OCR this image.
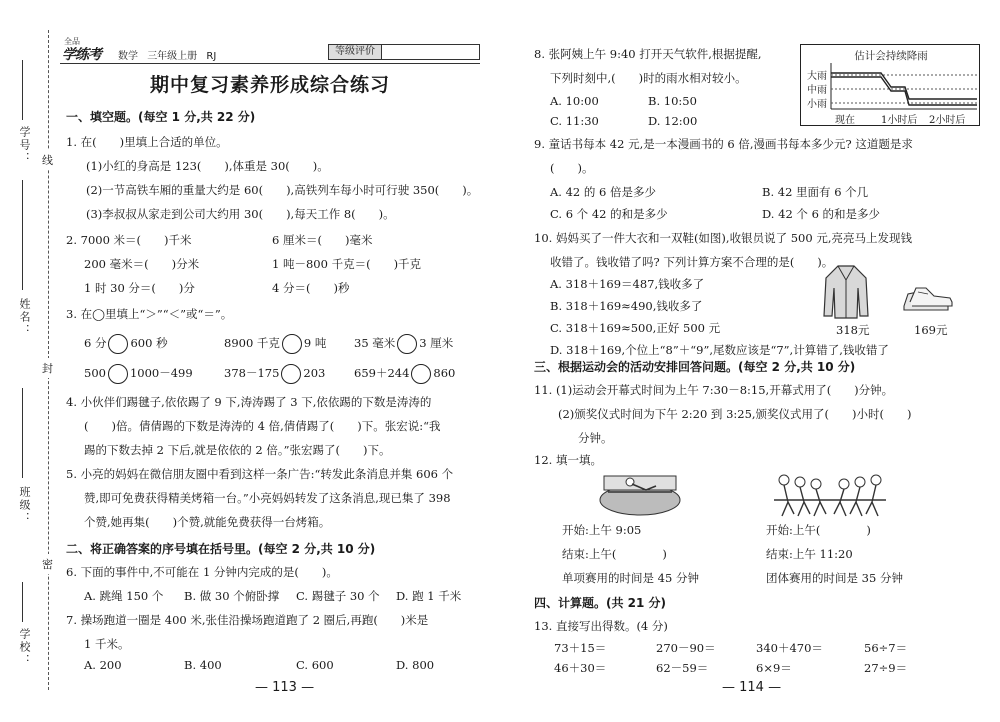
学号： 线
姓名：
封
班级：
密
学校：
全品
学练考 数学 三年级上册 RJ	等级评价
期中复习素养形成综合练习
一、填空题。(每空 1 分,共 22 分)
1. 在(　　)里填上合适的单位。
(1)小红的身高是 123(　　),体重是 30(　　)。
(2)一节高铁车厢的重量大约是 60(　　),高铁列车每小时可行驶 350(　　)。
(3)李叔叔从家走到公司大约用 30(　　),每天工作 8(　　)。
2. 7000 米＝(　　)千米	6 厘米＝(　　)毫米
200 毫米＝(　　)分米	1 吨－800 千克＝(　　)千克
1 时 30 分＝(　　)分	4 分＝(　　)秒
3. 在◯里填上“＞”“＜”或“＝”。
6 分 600 秒	8900 千克 9 吨 35 毫米 3 厘米
500 1000－499	378－175 203 659＋244 860
4. 小伙伴们踢毽子,依依踢了 9 下,涛涛踢了 3 下,依依踢的下数是涛涛的
(　　)倍。倩倩踢的下数是涛涛的 4 倍,倩倩踢了(　　)下。张宏说:“我
踢的下数去掉 2 下后,就是依依的 2 倍。”张宏踢了(　　)下。
5. 小亮的妈妈在微信朋友圈中看到这样一条广告:“转发此条消息并集 606 个
赞,即可免费获得精美烤箱一台。”小亮妈妈转发了这条消息,现已集了 398
个赞,她再集(　　)个赞,就能免费获得一台烤箱。
二、将正确答案的序号填在括号里。(每空 2 分,共 10 分)
6. 下面的事件中,不可能在 1 分钟内完成的是(　　)。
A. 跳绳 150 个 B. 做 30 个俯卧撑 C. 踢毽子 30 个 D. 跑 1 千米
7. 操场跑道一圈是 400 米,张佳沿操场跑道跑了 2 圈后,再跑(　　)米是
1 千米。
A. 200	B. 400	C. 600	D. 800
— 113 —
8. 张阿姨上午 9:40 打开天气软件,根据提醒,
下列时刻中,(　　)时的雨水相对较小。
A. 10:00	B. 10:50
C. 11:30	D. 12:00
估计会持续降雨
大雨
中雨
小雨
现在	1小时后 2小时后
9. 童话书每本 42 元,是一本漫画书的 6 倍,漫画书每本多少元? 这道题是求
(　　)。
A. 42 的 6 倍是多少	B. 42 里面有 6 个几
C. 6 个 42 的和是多少	D. 42 个 6 的和是多少
10. 妈妈买了一件大衣和一双鞋(如图),收银员说了 500 元,亮亮马上发现钱
收错了。钱收错了吗? 下列计算方案不合理的是(　　)。
A. 318＋169＝487,钱收多了
B. 318＋169≈490,钱收多了
C. 318＋169≈500,正好 500 元
D. 318＋169,个位上“8”＋“9”,尾数应该是“7”,计算错了,钱收错了
318元	169元
三、根据运动会的活动安排回答问题。(每空 2 分,共 10 分)
11. (1)运动会开幕式时间为上午 7:30－8:15,开幕式用了(　　)分钟。
(2)颁奖仪式时间为下午 2:20 到 3:25,颁奖仪式用了(　　)小时(　　)
分钟。
12. 填一填。
开始:上午 9:05	开始:上午(　　　　)
结束:上午(　　　　)	结束:上午 11:20
单项赛用的时间是 45 分钟	团体赛用的时间是 35 分钟
四、计算题。(共 21 分)
13. 直接写出得数。(4 分)
73＋15＝	270－90＝	340＋470＝	56÷7＝
46＋30＝	62－59＝	6×9＝	27÷9＝
— 114 —
